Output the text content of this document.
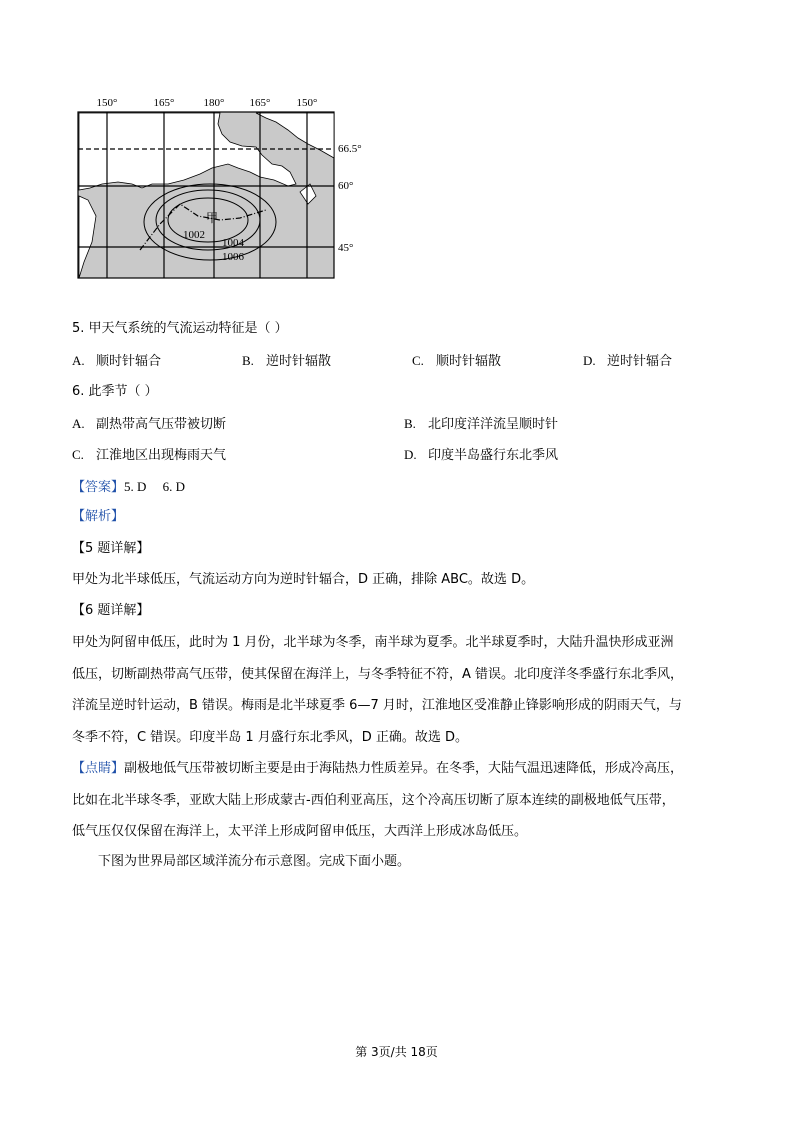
150°	165°	180° 165° 150°
1002
1004
1006
甲
66.5°
60°
45°
5. 甲天气系统的气流运动特征是（ ）
A. 顺时针辐合	B. 逆时针辐散	C. 顺时针辐散	D. 逆时针辐合
6. 此季节（ ）
A. 副热带高气压带被切断	B. 北印度洋洋流呈顺时针
C. 江淮地区出现梅雨天气	D. 印度半岛盛行东北季风
【答案】5. D     6. D
【解析】
【5 题详解】
甲处为北半球低压，气流运动方向为逆时针辐合，D 正确，排除 ABC。故选 D。
【6 题详解】
甲处为阿留申低压，此时为 1 月份，北半球为冬季，南半球为夏季。北半球夏季时，大陆升温快形成亚洲
低压，切断副热带高气压带，使其保留在海洋上，与冬季特征不符，A 错误。北印度洋冬季盛行东北季风，
洋流呈逆时针运动，B 错误。梅雨是北半球夏季 6—7 月时，江淮地区受准静止锋影响形成的阴雨天气，与
冬季不符，C 错误。印度半岛 1 月盛行东北季风，D 正确。故选 D。
【点睛】副极地低气压带被切断主要是由于海陆热力性质差异。在冬季，大陆气温迅速降低，形成冷高压，
比如在北半球冬季，亚欧大陆上形成蒙古-西伯利亚高压，这个冷高压切断了原本连续的副极地低气压带，
低气压仅仅保留在海洋上，太平洋上形成阿留申低压，大西洋上形成冰岛低压。
下图为世界局部区域洋流分布示意图。完成下面小题。
第 3页/共 18页
